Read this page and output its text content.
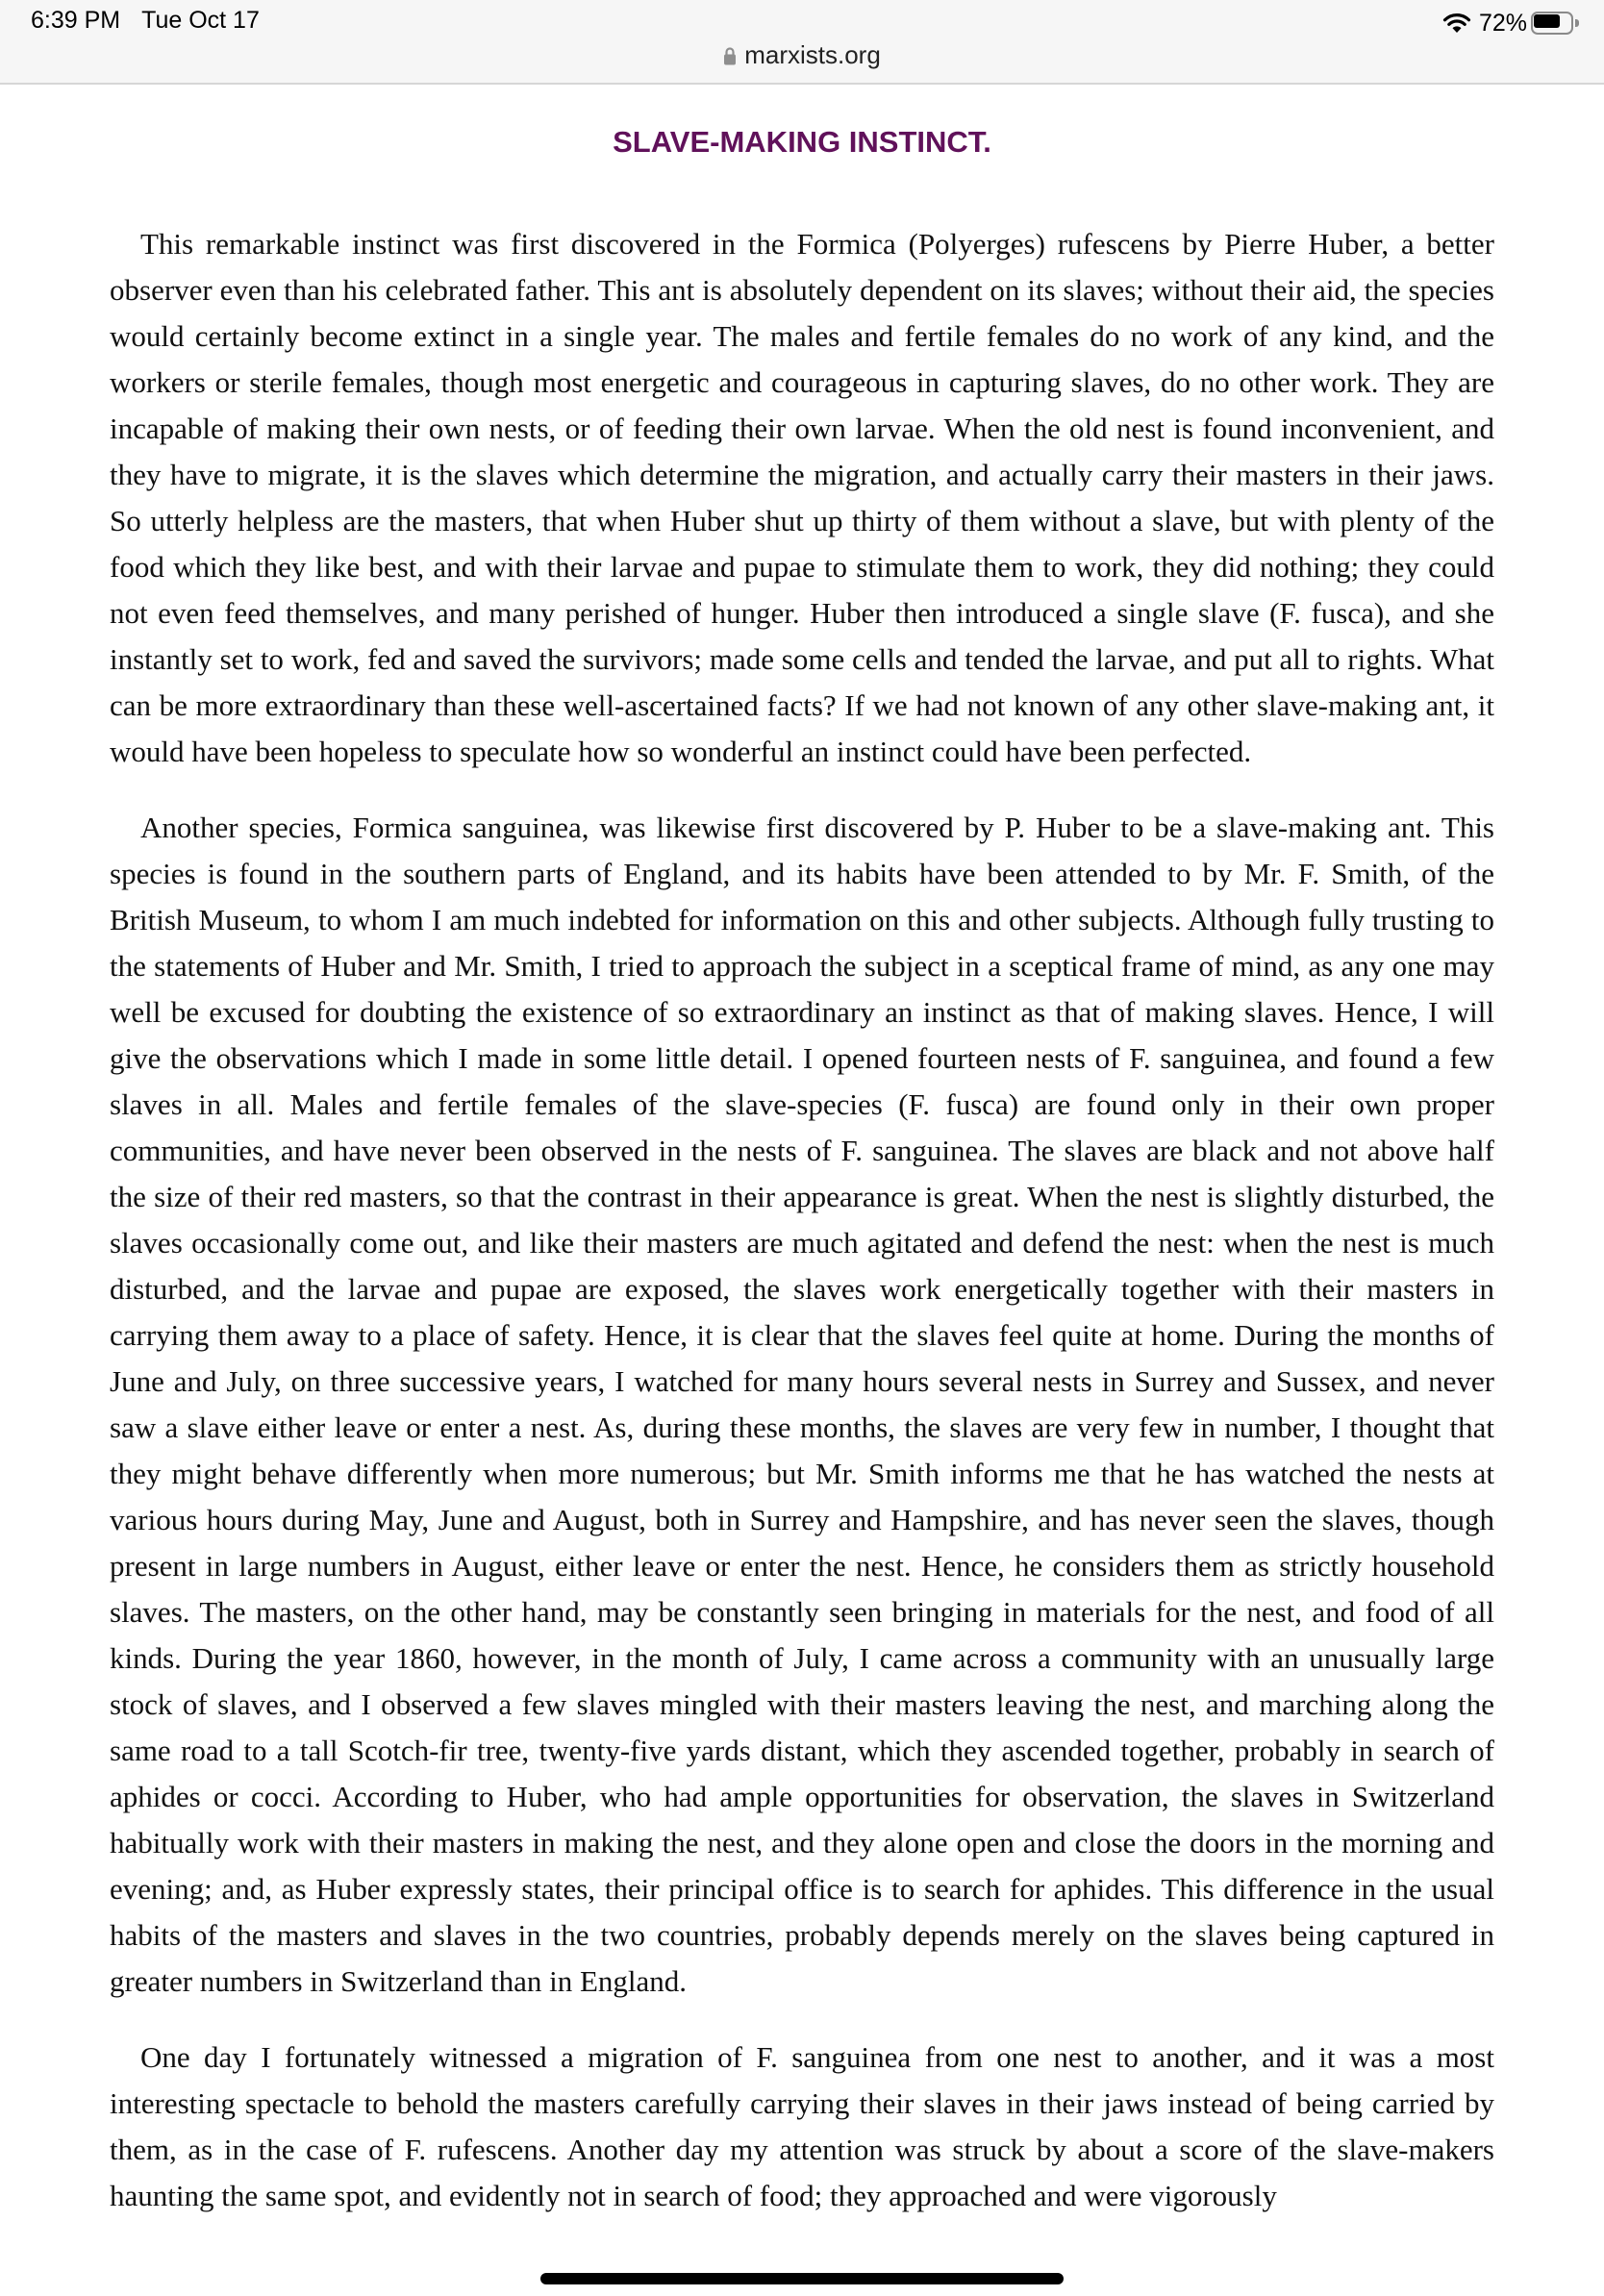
6:39 PM Tue Oct 17	72%
marxists.org
SLAVE-MAKING INSTINCT.

This remarkable instinct was first discovered in the Formica (Polyerges) rufescens by Pierre Huber, a better observer even than his celebrated father. This ant is absolutely dependent on its slaves; without their aid, the species would certainly become extinct in a single year. The males and fertile females do no work of any kind, and the workers or sterile females, though most energetic and courageous in capturing slaves, do no other work. They are incapable of making their own nests, or of feeding their own larvae. When the old nest is found inconvenient, and they have to migrate, it is the slaves which determine the migration, and actually carry their masters in their jaws. So utterly helpless are the masters, that when Huber shut up thirty of them without a slave, but with plenty of the food which they like best, and with their larvae and pupae to stimulate them to work, they did nothing; they could not even feed themselves, and many perished of hunger. Huber then introduced a single slave (F. fusca), and she instantly set to work, fed and saved the survivors; made some cells and tended the larvae, and put all to rights. What can be more extraordinary than these well-ascertained facts? If we had not known of any other slave-making ant, it would have been hopeless to speculate how so wonderful an instinct could have been perfected.

Another species, Formica sanguinea, was likewise first discovered by P. Huber to be a slave-making ant. This species is found in the southern parts of England, and its habits have been attended to by Mr. F. Smith, of the British Museum, to whom I am much indebted for information on this and other subjects. Although fully trusting to the statements of Huber and Mr. Smith, I tried to approach the subject in a sceptical frame of mind, as any one may well be excused for doubting the existence of so extraordinary an instinct as that of making slaves. Hence, I will give the observations which I made in some little detail. I opened fourteen nests of F. sanguinea, and found a few slaves in all. Males and fertile females of the slave-species (F. fusca) are found only in their own proper communities, and have never been observed in the nests of F. sanguinea. The slaves are black and not above half the size of their red masters, so that the contrast in their appearance is great. When the nest is slightly disturbed, the slaves occasionally come out, and like their masters are much agitated and defend the nest: when the nest is much disturbed, and the larvae and pupae are exposed, the slaves work energetically together with their masters in carrying them away to a place of safety. Hence, it is clear that the slaves feel quite at home. During the months of June and July, on three successive years, I watched for many hours several nests in Surrey and Sussex, and never saw a slave either leave or enter a nest. As, during these months, the slaves are very few in number, I thought that they might behave differently when more numerous; but Mr. Smith informs me that he has watched the nests at various hours during May, June and August, both in Surrey and Hampshire, and has never seen the slaves, though present in large numbers in August, either leave or enter the nest. Hence, he considers them as strictly household slaves. The masters, on the other hand, may be constantly seen bringing in materials for the nest, and food of all kinds. During the year 1860, however, in the month of July, I came across a community with an unusually large stock of slaves, and I observed a few slaves mingled with their masters leaving the nest, and marching along the same road to a tall Scotch-fir tree, twenty-five yards distant, which they ascended together, probably in search of aphides or cocci. According to Huber, who had ample opportunities for observation, the slaves in Switzerland habitually work with their masters in making the nest, and they alone open and close the doors in the morning and evening; and, as Huber expressly states, their principal office is to search for aphides. This difference in the usual habits of the masters and slaves in the two countries, probably depends merely on the slaves being captured in greater numbers in Switzerland than in England.

One day I fortunately witnessed a migration of F. sanguinea from one nest to another, and it was a most interesting spectacle to behold the masters carefully carrying their slaves in their jaws instead of being carried by them, as in the case of F. rufescens. Another day my attention was struck by about a score of the slave-makers haunting the same spot, and evidently not in search of food; they approached and were vigorously
